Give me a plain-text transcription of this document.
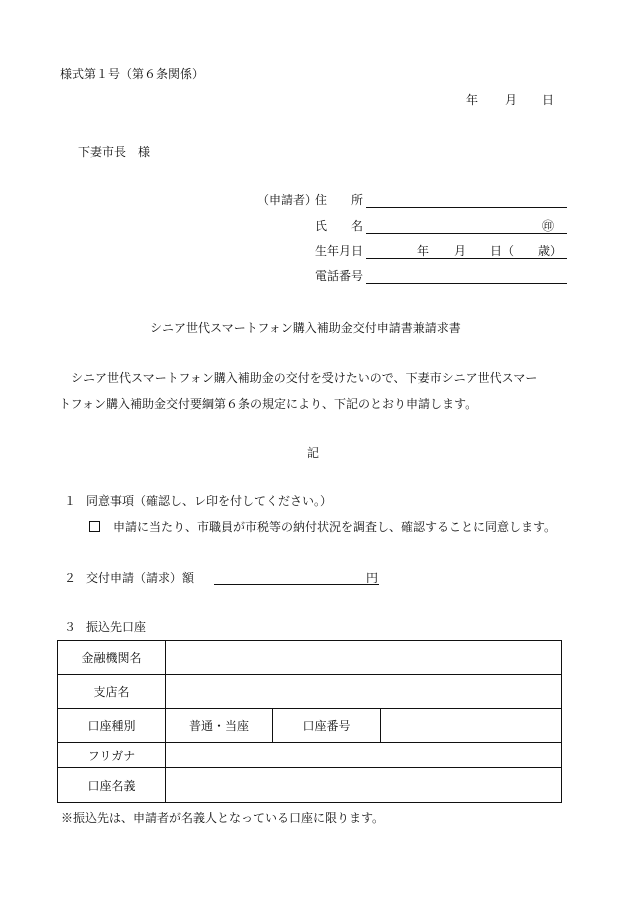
様式第１号（第６条関係）
年 月 日
下妻市長　様
（申請者）
住　　所
氏　　名	㊞
生年月日	年 月 日（ 歳）
電話番号
シニア世代スマートフォン購入補助金交付申請書兼請求書
シニア世代スマートフォン購入補助金の交付を受けたいので、下妻市シニア世代スマー
トフォン購入補助金交付要綱第６条の規定により、下記のとおり申請します。
記
１ 同意事項（確認し、レ印を付してください。）
申請に当たり、市職員が市税等の納付状況を調査し、確認することに同意します。
２ 交付申請（請求）額	円
３ 振込先口座
金融機関名			
支店名			
口座種別	普通・当座	口座番号	
フリガナ			
口座名義			
※振込先は、申請者が名義人となっている口座に限ります。
